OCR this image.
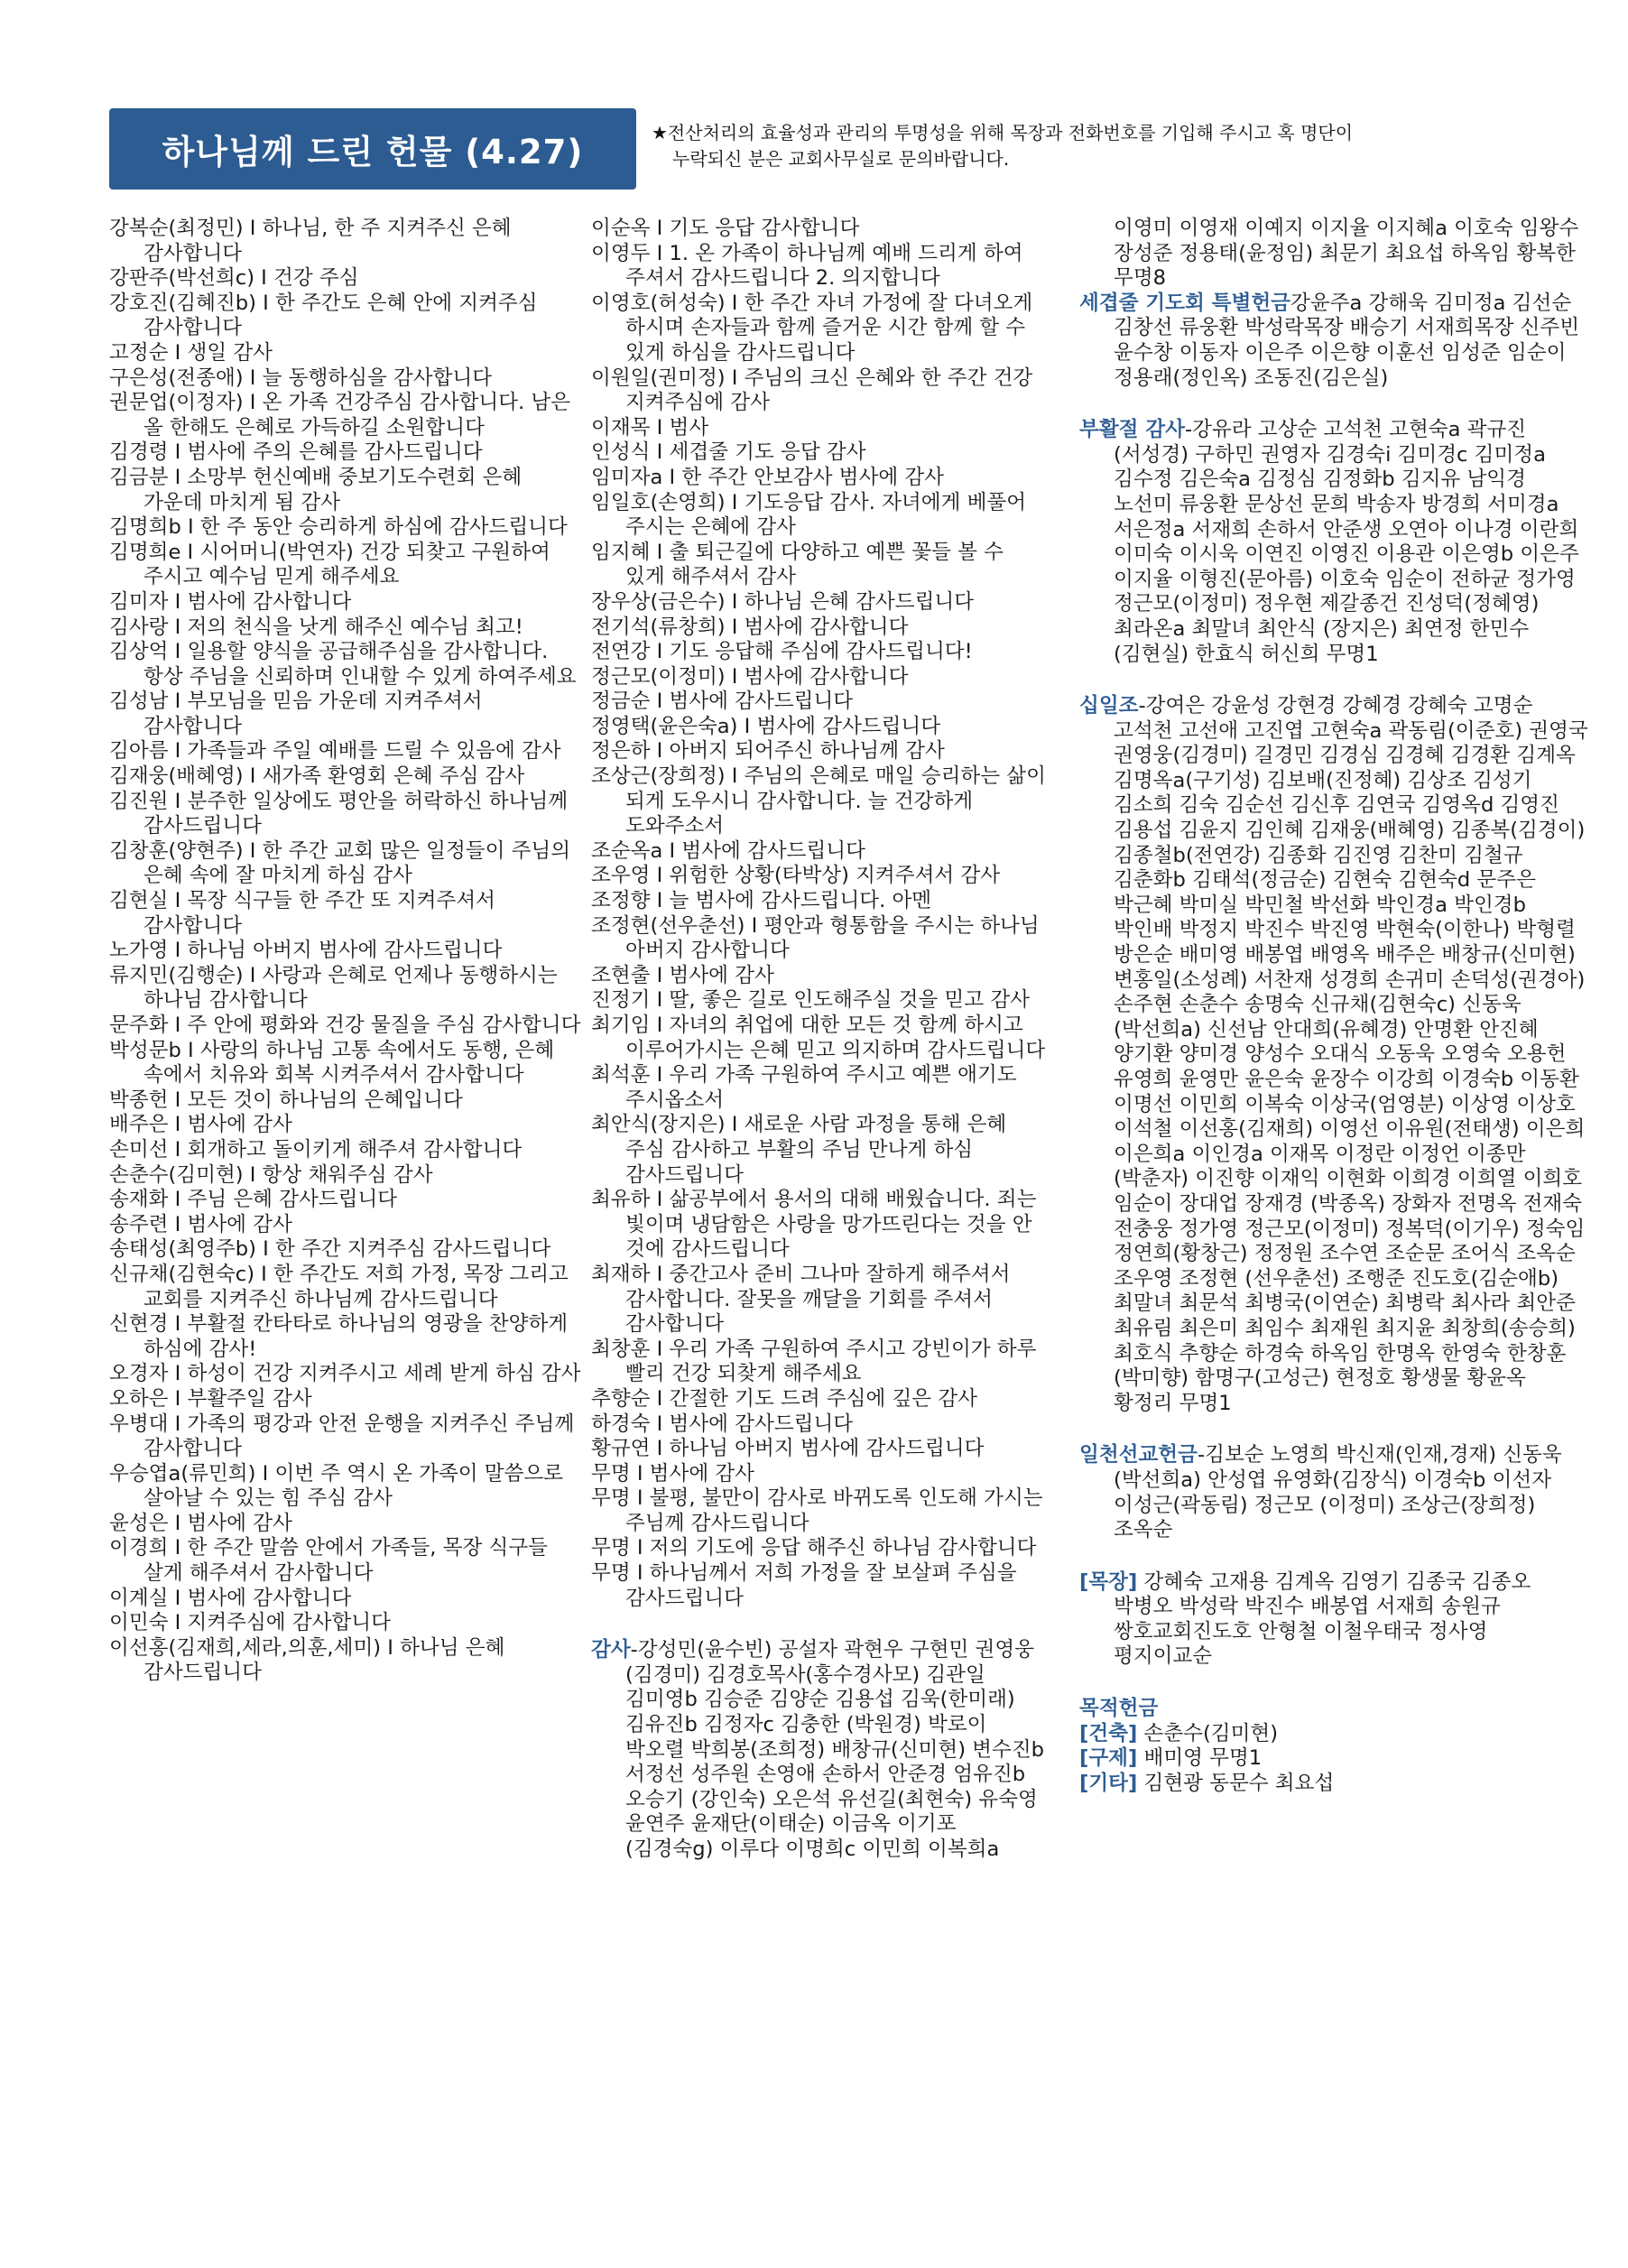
하나님께 드린 헌물 (4.27)	★전산처리의 효율성과 관리의 투명성을 위해 목장과 전화번호를 기입해 주시고 혹 명단이
누락되신 분은 교회사무실로 문의바랍니다.

강복순(최정민) I 하나님, 한 주 지켜주신 은혜 감사합니다

강판주(박선희c) I 건강 주심

강호진(김혜진b) I 한 주간도 은혜 안에 지켜주심 감사합니다

고정순 I 생일 감사

구은성(전종애) I 늘 동행하심을 감사합니다

권문업(이정자) I 온 가족 건강주심 감사합니다. 남은 올 한해도 은혜로 가득하길 소원합니다

김경령 I 범사에 주의 은혜를 감사드립니다

김금분 I 소망부 헌신예배 중보기도수련회 은혜 가운데 마치게 됨 감사

김명희b I 한 주 동안 승리하게 하심에 감사드립니다

김명희e I 시어머니(박연자) 건강 되찾고 구원하여 주시고 예수님 믿게 해주세요

김미자 I 범사에 감사합니다

김사랑 I 저의 천식을 낫게 해주신 예수님 최고!

김상억 I 일용할 양식을 공급해주심을 감사합니다. 항상 주님을 신뢰하며 인내할 수 있게 하여주세요

김성남 I 부모님을 믿음 가운데 지켜주셔서 감사합니다

김아름 I 가족들과 주일 예배를 드릴 수 있음에 감사

김재웅(배혜영) I 새가족 환영회 은혜 주심 감사

김진원 I 분주한 일상에도 평안을 허락하신 하나님께 감사드립니다

김창훈(양현주) I 한 주간 교회 많은 일정들이 주님의 은혜 속에 잘 마치게 하심 감사

김현실 I 목장 식구들 한 주간 또 지켜주셔서 감사합니다

노가영 I 하나님 아버지 범사에 감사드립니다

류지민(김행순) I 사랑과 은혜로 언제나 동행하시는 하나님 감사합니다

문주화 I 주 안에 평화와 건강 물질을 주심 감사합니다

박성문b I 사랑의 하나님 고통 속에서도 동행, 은혜 속에서 치유와 회복 시켜주셔서 감사합니다

박종헌 I 모든 것이 하나님의 은혜입니다

배주은 I 범사에 감사

손미선 I 회개하고 돌이키게 해주셔 감사합니다

손춘수(김미현) I 항상 채워주심 감사

송재화 I 주님 은혜 감사드립니다

송주련 I 범사에 감사

송태성(최영주b) I 한 주간 지켜주심 감사드립니다

신규채(김현숙c) I 한 주간도 저희 가정, 목장 그리고 교회를 지켜주신 하나님께 감사드립니다

신현경 I 부활절 칸타타로 하나님의 영광을 찬양하게 하심에 감사!

오경자 I 하성이 건강 지켜주시고 세례 받게 하심 감사

오하은 I 부활주일 감사

우병대 I 가족의 평강과 안전 운행을 지켜주신 주님께 감사합니다

우승엽a(류민희) I 이번 주 역시 온 가족이 말씀으로 살아날 수 있는 힘 주심 감사

윤성은 I 범사에 감사

이경희 I 한 주간 말씀 안에서 가족들, 목장 식구들 살게 해주셔서 감사합니다

이계실 I 범사에 감사합니다

이민숙 I 지켜주심에 감사합니다

이선홍(김재희,세라,의훈,세미) I 하나님 은혜 감사드립니다

이순옥 I 기도 응답 감사합니다

이영두 I 1. 온 가족이 하나님께 예배 드리게 하여 주셔서 감사드립니다 2. 의지합니다

이영호(허성숙) I 한 주간 자녀 가정에 잘 다녀오게 하시며 손자들과 함께 즐거운 시간 함께 할 수 있게 하심을 감사드립니다

이원일(권미정) I 주님의 크신 은혜와 한 주간 건강 지켜주심에 감사

이재목 I 범사

인성식 I 세겹줄 기도 응답 감사

임미자a I 한 주간 안보감사 범사에 감사

임일호(손영희) I 기도응답 감사. 자녀에게 베풀어 주시는 은혜에 감사

임지혜 I 출 퇴근길에 다양하고 예쁜 꽃들 볼 수 있게 해주셔서 감사

장우상(금은수) I 하나님 은혜 감사드립니다

전기석(류창희) I 범사에 감사합니다

전연강 I 기도 응답해 주심에 감사드립니다!

정근모(이정미) I 범사에 감사합니다

정금순 I 범사에 감사드립니다

정영택(윤은숙a) I 범사에 감사드립니다

정은하 I 아버지 되어주신 하나님께 감사

조상근(장희정) I 주님의 은혜로 매일 승리하는 삶이 되게 도우시니 감사합니다. 늘 건강하게 도와주소서

조순옥a I 범사에 감사드립니다

조우영 I 위험한 상황(타박상) 지켜주셔서 감사

조정향 I 늘 범사에 감사드립니다. 아멘

조정현(선우춘선) I 평안과 형통함을 주시는 하나님 아버지 감사합니다

조현출 I 범사에 감사

진정기 I 딸, 좋은 길로 인도해주실 것을 믿고 감사

최기임 I 자녀의 취업에 대한 모든 것 함께 하시고 이루어가시는 은혜 믿고 의지하며 감사드립니다

최석훈 I 우리 가족 구원하여 주시고 예쁜 애기도 주시옵소서

최안식(장지은) I 새로운 사람 과정을 통해 은혜 주심 감사하고 부활의 주님 만나게 하심 감사드립니다

최유하 I 삶공부에서 용서의 대해 배웠습니다. 죄는 빛이며 냉담함은 사랑을 망가뜨린다는 것을 안 것에 감사드립니다

최재하 I 중간고사 준비 그나마 잘하게 해주셔서 감사합니다. 잘못을 깨달을 기회를 주셔서 감사합니다

최창훈 I 우리 가족 구원하여 주시고 강빈이가 하루 빨리 건강 되찾게 해주세요

추향순 I 간절한 기도 드려 주심에 깊은 감사

하경숙 I 범사에 감사드립니다

황규연 I 하나님 아버지 범사에 감사드립니다

무명 I 범사에 감사

무명 I 불평, 불만이 감사로 바뀌도록 인도해 가시는 주님께 감사드립니다

무명 I 저의 기도에 응답 해주신 하나님 감사합니다

무명 I 하나님께서 저희 가정을 잘 보살펴 주심을 감사드립니다

감사-강성민(윤수빈) 공설자 곽현우 구현민 권영웅(김경미) 김경호목사(홍수경사모) 김관일 김미영b 김승준 김양순 김용섭 김욱(한미래) 김유진b 김정자c 김충한 (박원경) 박로이 박오렬 박희봉(조희정) 배창규(신미현) 변수진b 서정선 성주원 손영애 손하서 안준경 엄유진b 오승기 (강인숙) 오은석 유선길(최현숙) 유숙영 윤연주 윤재단(이태순) 이금옥 이기포 (김경숙g) 이루다 이명희c 이민희 이복희a

이영미 이영재 이예지 이지율 이지혜a 이호숙 임왕수 장성준 정용태(윤정임) 최문기 최요섭 하옥임 황복한 무명8

세겹줄 기도회 특별헌금강윤주a 강해욱 김미정a 김선순 김창선 류웅환 박성락목장 배승기 서재희목장 신주빈 윤수창 이동자 이은주 이은향 이훈선 임성준 임순이 정용래(정인옥) 조동진(김은실)

부활절 감사-강유라 고상순 고석천 고현숙a 곽규진(서성경) 구하민 권영자 김경숙i 김미경c 김미정a 김수정 김은숙a 김정심 김정화b 김지유 남익경 노선미 류웅환 문상선 문희 박송자 방경희 서미경a 서은정a 서재희 손하서 안준생 오연아 이나경 이란희 이미숙 이시욱 이연진 이영진 이용관 이은영b 이은주 이지율 이형진(문아름) 이호숙 임순이 전하균 정가영 정근모(이정미) 정우현 제갈종건 진성덕(정혜영) 최라온a 최말녀 최안식 (장지은) 최연정 한민수(김현실) 한효식 허신희 무명1

십일조-강여은 강윤성 강현경 강혜경 강혜숙 고명순 고석천 고선애 고진엽 고현숙a 곽동림(이준호) 권영국 권영웅(김경미) 길경민 김경심 김경혜 김경환 김계옥 김명옥a(구기성) 김보배(진정혜) 김상조 김성기 김소희 김숙 김순선 김신후 김연국 김영옥d 김영진 김용섭 김윤지 김인혜 김재웅(배혜영) 김종복(김경이) 김종철b(전연강) 김종화 김진영 김찬미 김철규 김춘화b 김태석(정금순) 김현숙 김현숙d 문주은 박근혜 박미실 박민철 박선화 박인경a 박인경b 박인배 박정지 박진수 박진영 박현숙(이한나) 박형렬 방은순 배미영 배봉엽 배영옥 배주은 배창규(신미현) 변홍일(소성례) 서찬재 성경희 손귀미 손덕성(권경아) 손주현 손춘수 송명숙 신규채(김현숙c) 신동욱 (박선희a) 신선남 안대희(유혜경) 안명환 안진혜 양기환 양미경 양성수 오대식 오동욱 오영숙 오용헌 유영희 윤영만 윤은숙 윤장수 이강희 이경숙b 이동환 이명선 이민희 이복숙 이상국(엄영분) 이상영 이상호 이석철 이선홍(김재희) 이영선 이유원(전태생) 이은희 이은희a 이인경a 이재목 이정란 이정언 이종만 (박춘자) 이진향 이재익 이현화 이희경 이희열 이희호 임순이 장대업 장재경 (박종옥) 장화자 전명옥 전재숙 전충웅 정가영 정근모(이정미) 정복덕(이기우) 정숙임 정연희(황창근) 정정원 조수연 조순문 조어식 조옥순 조우영 조정현 (선우춘선) 조행준 진도호(김순애b) 최말녀 최문석 최병국(이연순) 최병락 최사라 최안준 최유림 최은미 최임수 최재원 최지윤 최창희(송승희) 최호식 추향순 하경숙 하옥임 한명옥 한영숙 한창훈 (박미향) 함명구(고성근) 현정호 황생물 황윤옥 황정리 무명1

일천선교헌금-김보순 노영희 박신재(인재,경재) 신동욱(박선희a) 안성엽 유영화(김장식) 이경숙b 이선자 이성근(곽동림) 정근모 (이정미) 조상근(장희정) 조옥순

[목장] 강혜숙 고재용 김계옥 김영기 김종국 김종오 박병오 박성락 박진수 배봉엽 서재희 송원규 쌍호교회진도호 안형철 이철우태국 정사영 평지이교순

목적헌금

[건축] 손춘수(김미현)

[구제] 배미영 무명1

[기타] 김현광 동문수 최요섭
